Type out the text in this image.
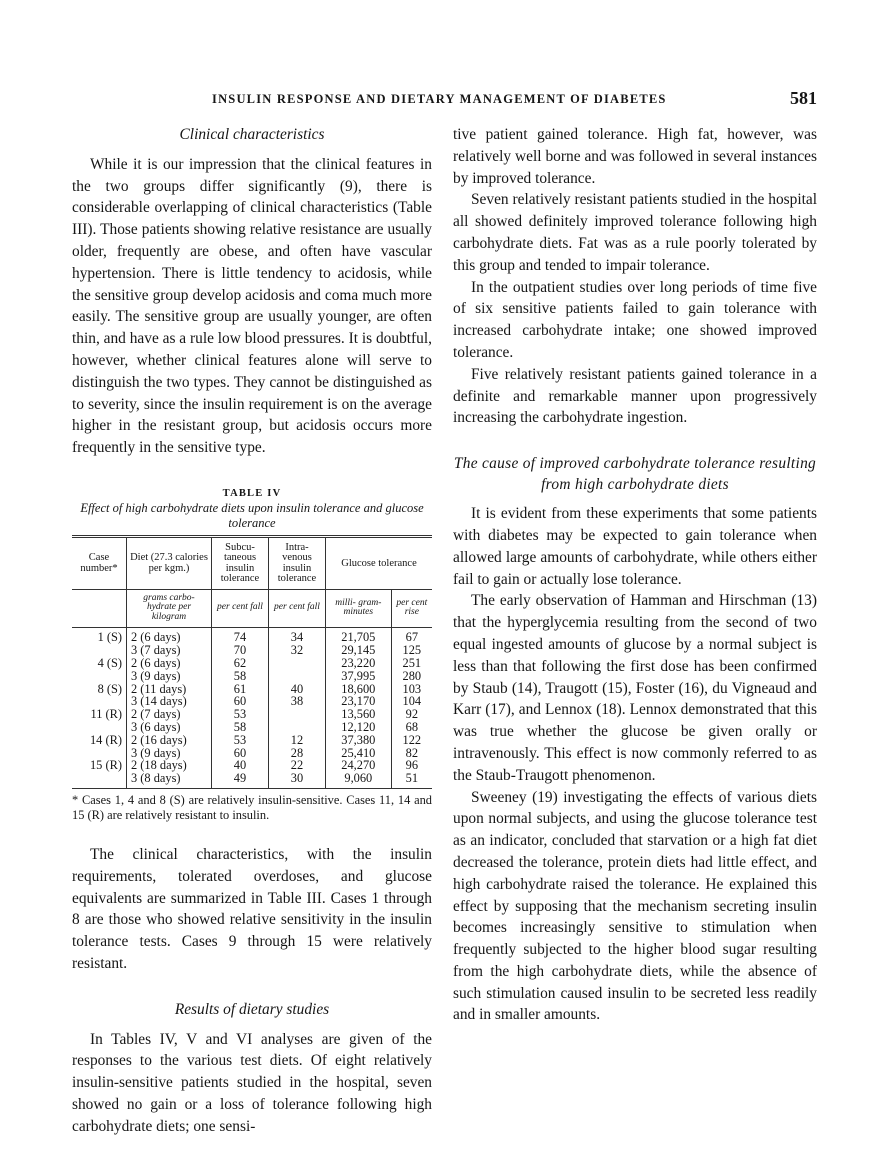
INSULIN RESPONSE AND DIETARY MANAGEMENT OF DIABETES	581
Clinical characteristics

While it is our impression that the clinical features in the two groups differ significantly (9), there is considerable overlapping of clinical characteristics (Table III). Those patients showing relative resistance are usually older, frequently are obese, and often have vascular hypertension. There is little tendency to acidosis, while the sensitive group develop acidosis and coma much more easily. The sensitive group are usually younger, are often thin, and have as a rule low blood pressures. It is doubtful, however, whether clinical features alone will serve to distinguish the two types. They cannot be distinguished as to severity, since the insulin requirement is on the average higher in the resistant group, but acidosis occurs more frequently in the sensitive type.

TABLE IV
Effect of high carbohydrate diets upon insulin tolerance and glucose tolerance
Case number*	Diet (27.3 calories per kgm.)	Subcu- taneous insulin tolerance	Intra- venous insulin tolerance	Glucose tolerance	
	grams carbo- hydrate per kilogram	per cent fall	per cent fall	milli- gram- minutes	per cent rise
1 (S)	2 (6 days)	74	34	21,705	67
	3 (7 days)	70	32	29,145	125
4 (S)	2 (6 days)	62		23,220	251
	3 (9 days)	58		37,995	280
8 (S)	2 (11 days)	61	40	18,600	103
	3 (14 days)	60	38	23,170	104
11 (R)	2 (7 days)	53		13,560	92
	3 (6 days)	58		12,120	68
14 (R)	2 (16 days)	53	12	37,380	122
	3 (9 days)	60	28	25,410	82
15 (R)	2 (18 days)	40	22	24,270	96
	3 (8 days)	49	30	9,060	51
* Cases 1, 4 and 8 (S) are relatively insulin-sensitive. Cases 11, 14 and 15 (R) are relatively resistant to insulin.

The clinical characteristics, with the insulin requirements, tolerated overdoses, and glucose equivalents are summarized in Table III. Cases 1 through 8 are those who showed relative sensitivity in the insulin tolerance tests. Cases 9 through 15 were relatively resistant.

Results of dietary studies

In Tables IV, V and VI analyses are given of the responses to the various test diets. Of eight relatively insulin-sensitive patients studied in the hospital, seven showed no gain or a loss of tolerance following high carbohydrate diets; one sensi-

tive patient gained tolerance. High fat, however, was relatively well borne and was followed in several instances by improved tolerance.

Seven relatively resistant patients studied in the hospital all showed definitely improved tolerance following high carbohydrate diets. Fat was as a rule poorly tolerated by this group and tended to impair tolerance.

In the outpatient studies over long periods of time five of six sensitive patients failed to gain tolerance with increased carbohydrate intake; one showed improved tolerance.

Five relatively resistant patients gained tolerance in a definite and remarkable manner upon progressively increasing the carbohydrate ingestion.

The cause of improved carbohydrate tolerance resulting from high carbohydrate diets

It is evident from these experiments that some patients with diabetes may be expected to gain tolerance when allowed large amounts of carbohydrate, while others either fail to gain or actually lose tolerance.

The early observation of Hamman and Hirschman (13) that the hyperglycemia resulting from the second of two equal ingested amounts of glucose by a normal subject is less than that following the first dose has been confirmed by Staub (14), Traugott (15), Foster (16), du Vigneaud and Karr (17), and Lennox (18). Lennox demonstrated that this was true whether the glucose be given orally or intravenously. This effect is now commonly referred to as the Staub-Traugott phenomenon.

Sweeney (19) investigating the effects of various diets upon normal subjects, and using the glucose tolerance test as an indicator, concluded that starvation or a high fat diet decreased the tolerance, protein diets had little effect, and high carbohydrate raised the tolerance. He explained this effect by supposing that the mechanism secreting insulin becomes increasingly sensitive to stimulation when frequently subjected to the higher blood sugar resulting from the high carbohydrate diets, while the absence of such stimulation caused insulin to be secreted less readily and in smaller amounts.
